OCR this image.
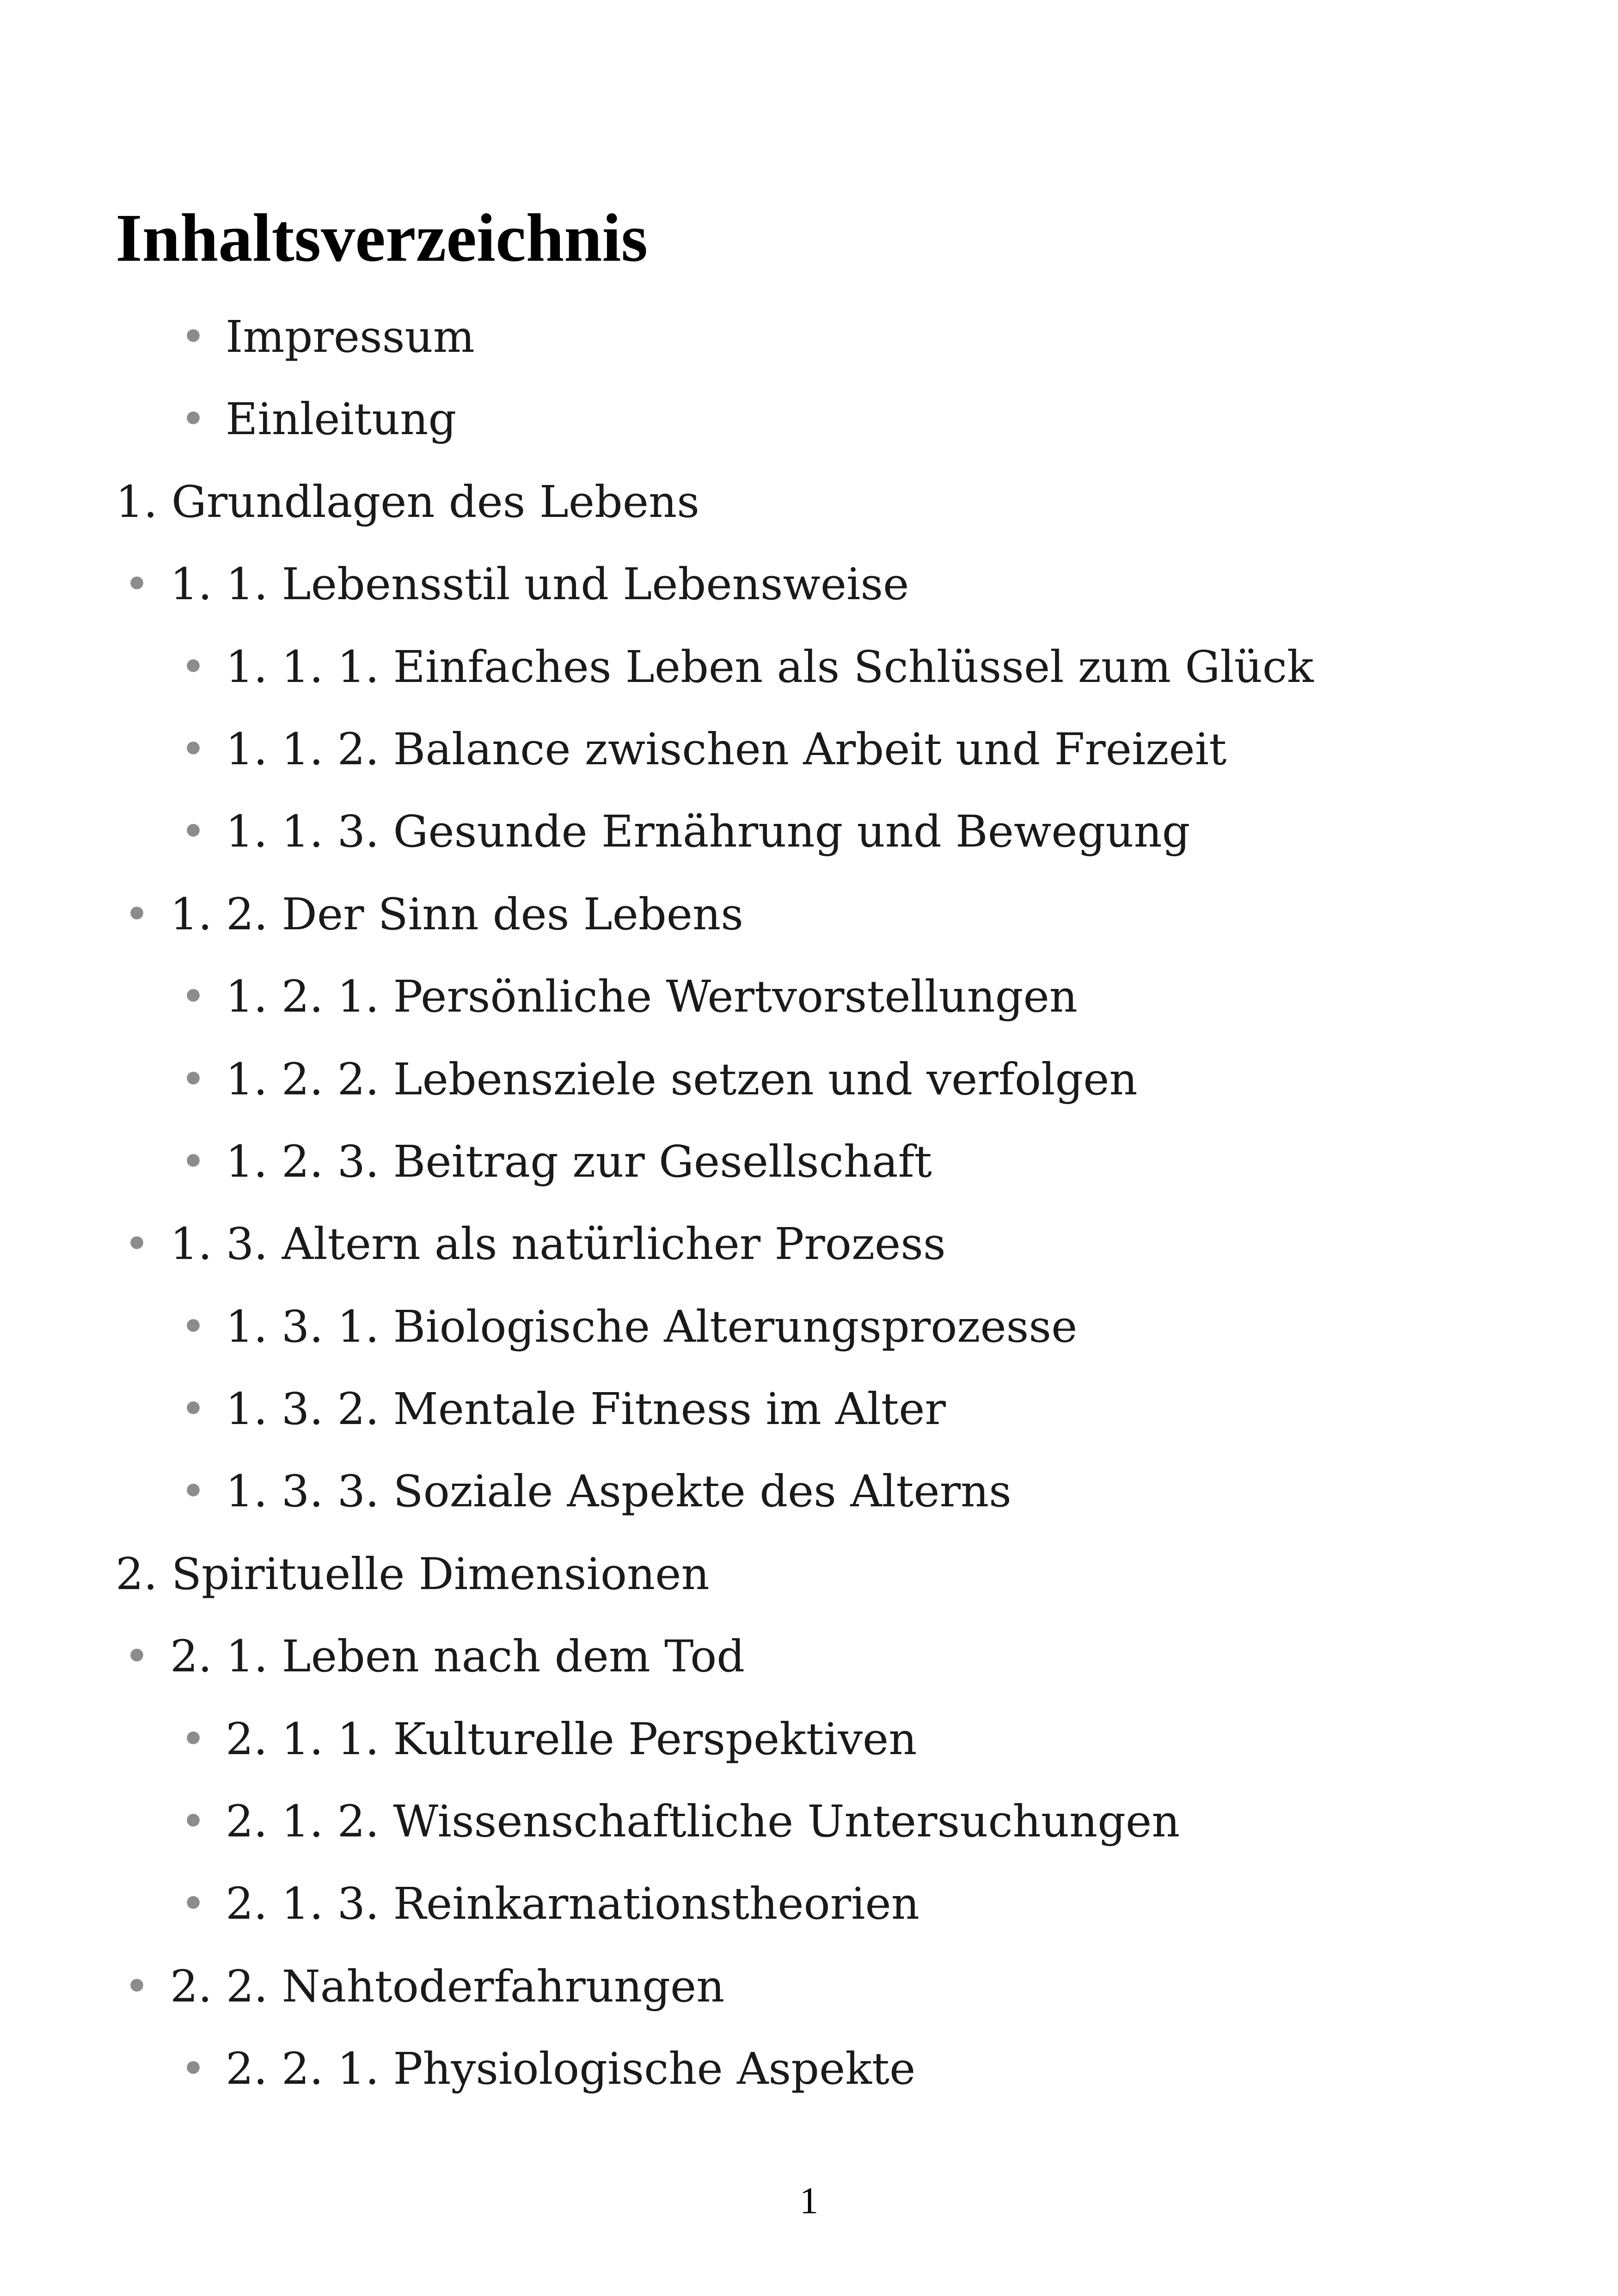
Inhaltsverzeichnis
• Impressum
• Einleitung
1. Grundlagen des Lebens
• 1. 1. Lebensstil und Lebensweise
• 1. 1. 1. Einfaches Leben als Schlüssel zum Glück
• 1. 1. 2. Balance zwischen Arbeit und Freizeit
• 1. 1. 3. Gesunde Ernährung und Bewegung
• 1. 2. Der Sinn des Lebens
• 1. 2. 1. Persönliche Wertvorstellungen
• 1. 2. 2. Lebensziele setzen und verfolgen
• 1. 2. 3. Beitrag zur Gesellschaft
• 1. 3. Altern als natürlicher Prozess
• 1. 3. 1. Biologische Alterungsprozesse
• 1. 3. 2. Mentale Fitness im Alter
• 1. 3. 3. Soziale Aspekte des Alterns
2. Spirituelle Dimensionen
• 2. 1. Leben nach dem Tod
• 2. 1. 1. Kulturelle Perspektiven
• 2. 1. 2. Wissenschaftliche Untersuchungen
• 2. 1. 3. Reinkarnationstheorien
• 2. 2. Nahtoderfahrungen
• 2. 2. 1. Physiologische Aspekte
1
